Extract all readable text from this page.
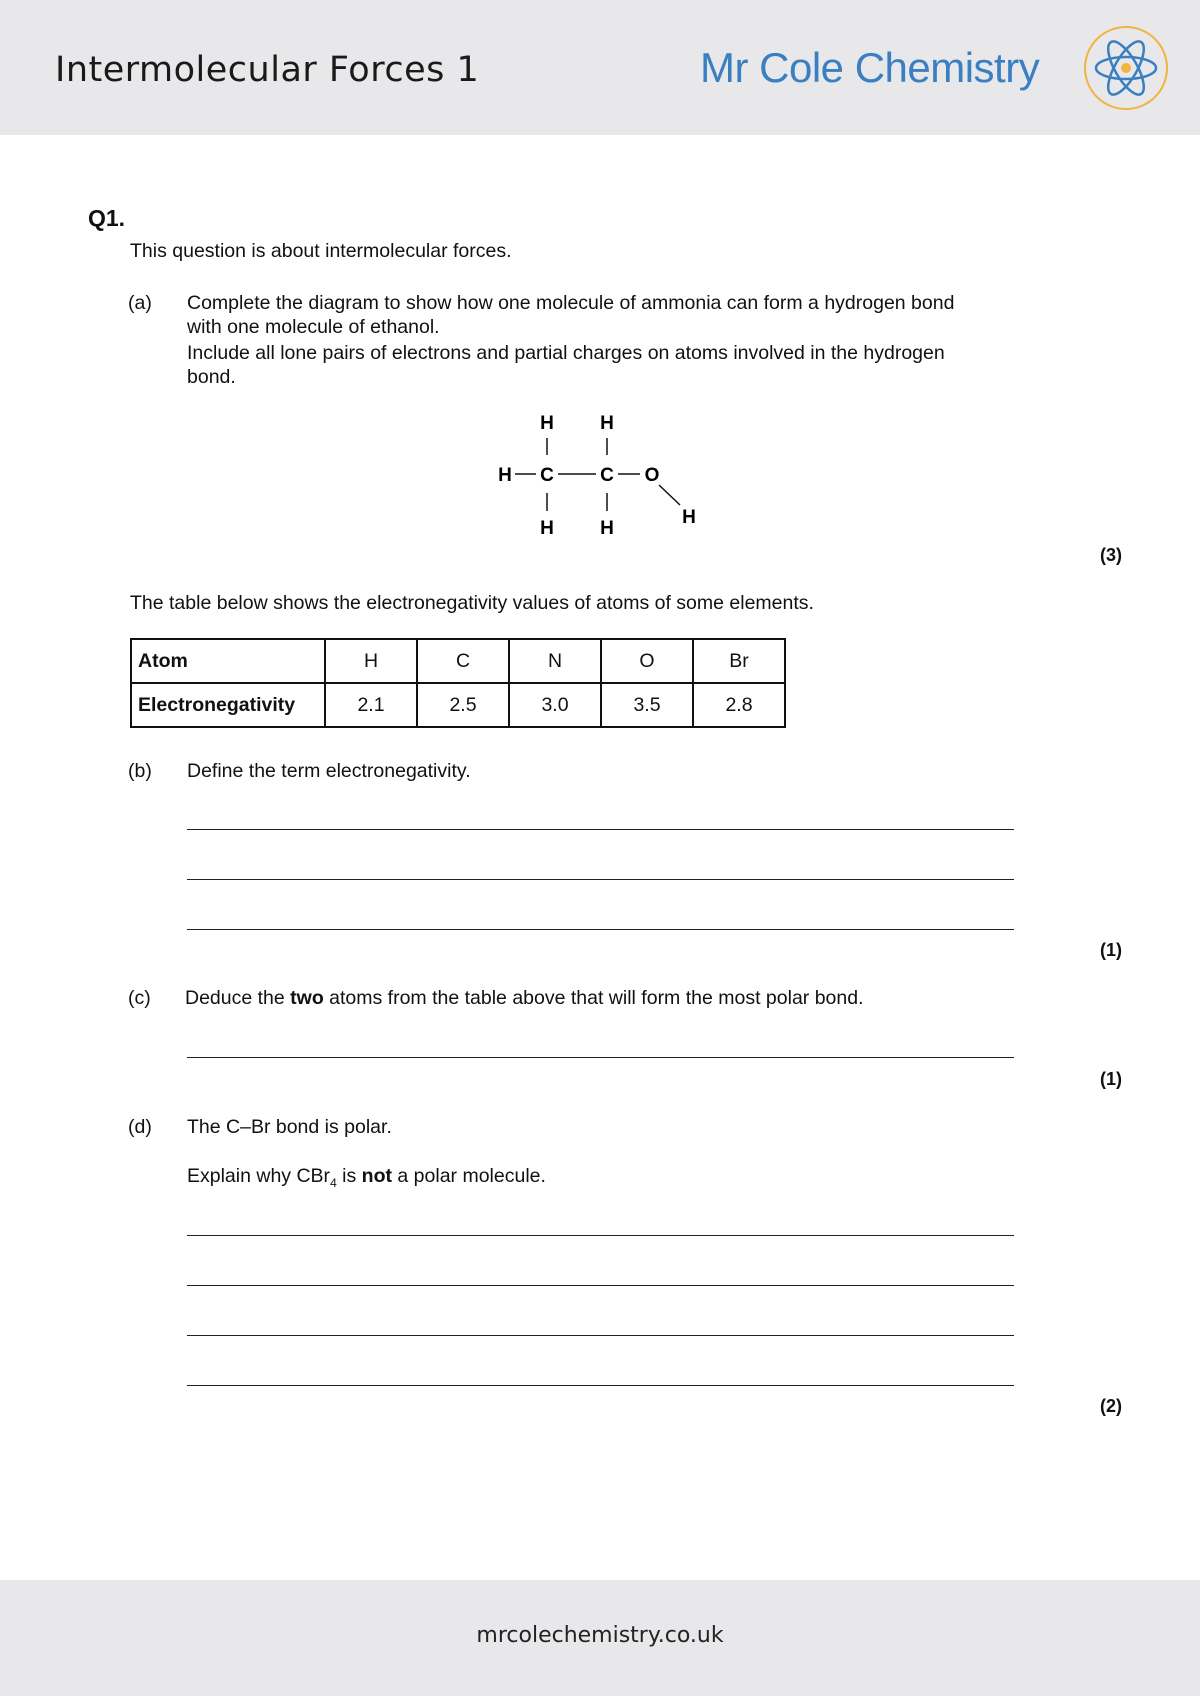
Intermolecular Forces 1	Mr Cole Chemistry
Q1.
This question is about intermolecular forces.
(a) Complete the diagram to show how one molecule of ammonia can form a hydrogen bond
with one molecule of ethanol.
Include all lone pairs of electrons and partial charges on atoms involved in the hydrogen
bond.
H H
H C C O
H
H H
(3)
The table below shows the electronegativity values of atoms of some elements.
Atom	H	C	N	O	Br
Electronegativity	2.1	2.5	3.0	3.5	2.8
(b) Define the term electronegativity.
(1)
(c) Deduce the two atoms from the table above that will form the most polar bond.
(1)
(d) The C–Br bond is polar.
Explain why CBr$_4$ is not a polar molecule.
(2)
mrcolechemistry.co.uk
